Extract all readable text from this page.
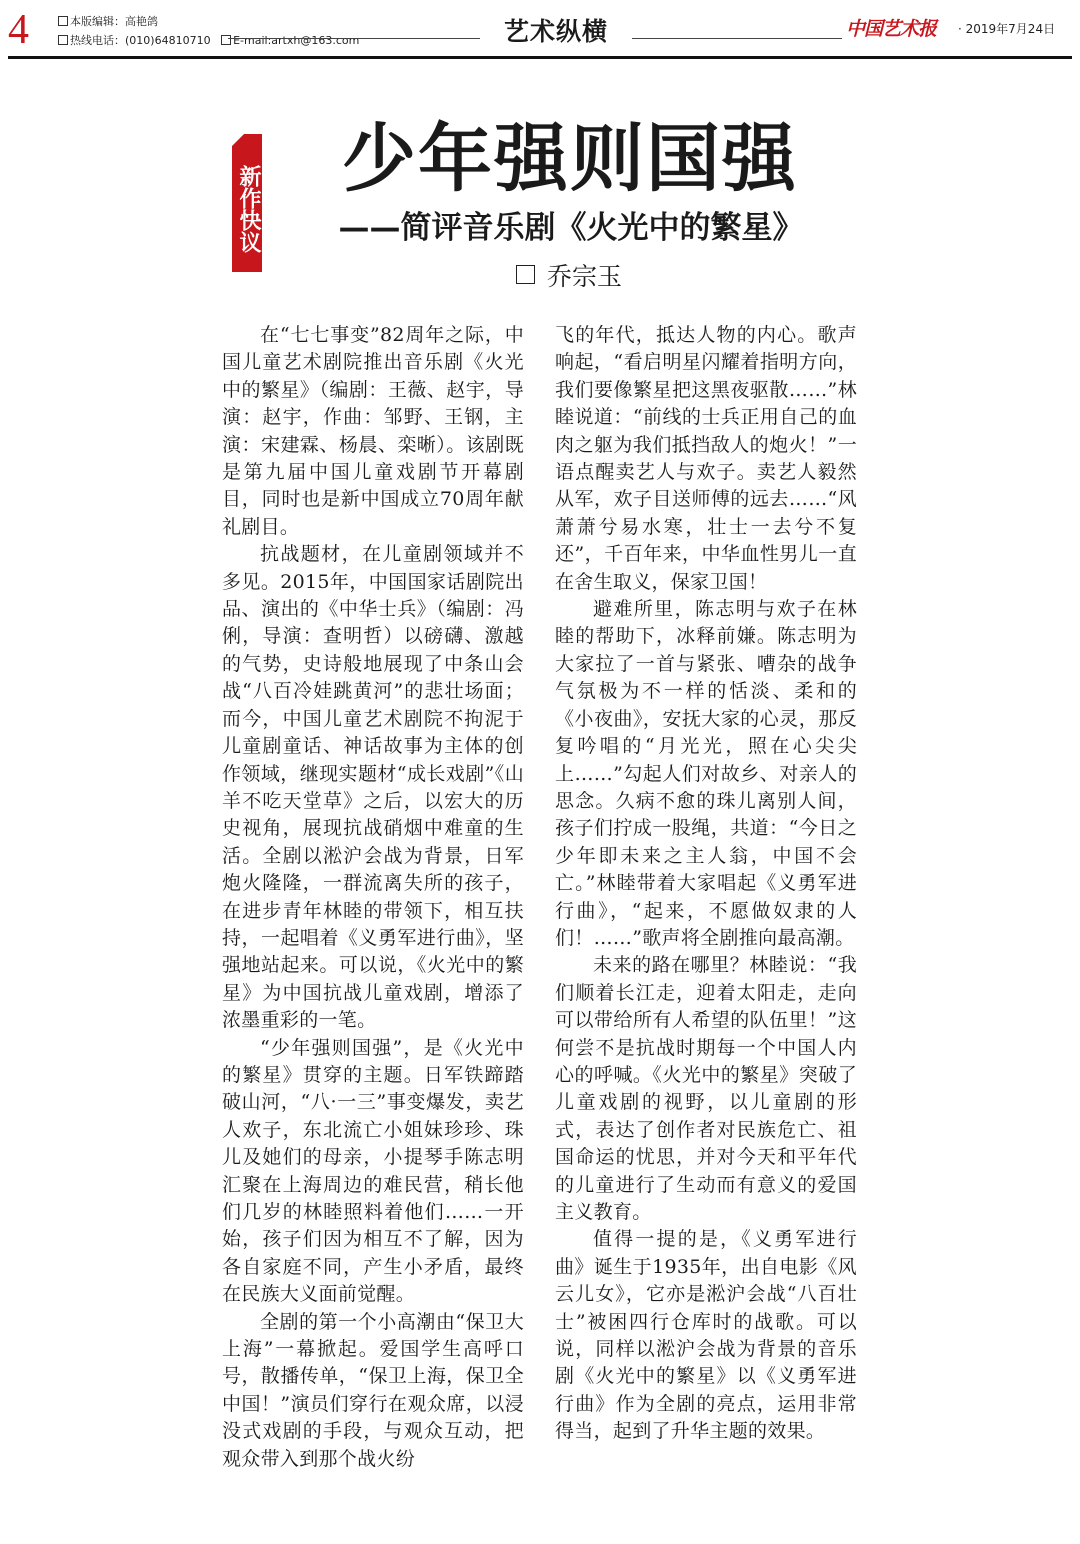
4	本版编辑：高艳鸽
热线电话：(010)64810710 E-mail:artxh@163.com	艺术纵横	中国艺术报 · 2019年7月24日
新作快议
少年强则国强
——简评音乐剧《火光中的繁星》
乔宗玉

在“七七事变”82周年之际，中国儿童艺术剧院推出音乐剧《火光中的繁星》（编剧：王薇、赵宇，导演：赵宇，作曲：邹野、王钢，主演：宋建霖、杨晨、栾晰）。该剧既是第九届中国儿童戏剧节开幕剧目，同时也是新中国成立70周年献礼剧目。

抗战题材，在儿童剧领域并不多见。2015年，中国国家话剧院出品、演出的《中华士兵》（编剧：冯俐，导演：查明哲）以磅礴、激越的气势，史诗般地展现了中条山会战“八百冷娃跳黄河”的悲壮场面；而今，中国儿童艺术剧院不拘泥于儿童剧童话、神话故事为主体的创作领域，继现实题材“成长戏剧”《山羊不吃天堂草》之后，以宏大的历史视角，展现抗战硝烟中难童的生活。全剧以淞沪会战为背景，日军炮火隆隆，一群流离失所的孩子，在进步青年林睦的带领下，相互扶持，一起唱着《义勇军进行曲》，坚强地站起来。可以说，《火光中的繁星》为中国抗战儿童戏剧，增添了浓墨重彩的一笔。

“少年强则国强”，是《火光中的繁星》贯穿的主题。日军铁蹄踏破山河，“八·一三”事变爆发，卖艺人欢子，东北流亡小姐妹珍珍、珠儿及她们的母亲，小提琴手陈志明汇聚在上海周边的难民营，稍长他们几岁的林睦照料着他们……一开始，孩子们因为相互不了解，因为各自家庭不同，产生小矛盾，最终在民族大义面前觉醒。

全剧的第一个小高潮由“保卫大上海”一幕掀起。爱国学生高呼口号，散播传单，“保卫上海，保卫全中国！”演员们穿行在观众席，以浸没式戏剧的手段，与观众互动，把观众带入到那个战火纷

飞的年代，抵达人物的内心。歌声响起，“看启明星闪耀着指明方向，我们要像繁星把这黑夜驱散……”林睦说道：“前线的士兵正用自己的血肉之躯为我们抵挡敌人的炮火！”一语点醒卖艺人与欢子。卖艺人毅然从军，欢子目送师傅的远去……“风萧萧兮易水寒，壮士一去兮不复还”，千百年来，中华血性男儿一直在舍生取义，保家卫国！

避难所里，陈志明与欢子在林睦的帮助下，冰释前嫌。陈志明为大家拉了一首与紧张、嘈杂的战争气氛极为不一样的恬淡、柔和的《小夜曲》，安抚大家的心灵，那反复吟唱的“月光光，照在心尖尖上……”勾起人们对故乡、对亲人的思念。久病不愈的珠儿离别人间，孩子们拧成一股绳，共道：“今日之少年即未来之主人翁，中国不会亡。”林睦带着大家唱起《义勇军进行曲》，“起来，不愿做奴隶的人们！……”歌声将全剧推向最高潮。

未来的路在哪里？林睦说：“我们顺着长江走，迎着太阳走，走向可以带给所有人希望的队伍里！”这何尝不是抗战时期每一个中国人内心的呼喊。《火光中的繁星》突破了儿童戏剧的视野，以儿童剧的形式，表达了创作者对民族危亡、祖国命运的忧思，并对今天和平年代的儿童进行了生动而有意义的爱国主义教育。

值得一提的是，《义勇军进行曲》诞生于1935年，出自电影《风云儿女》，它亦是淞沪会战“八百壮士”被困四行仓库时的战歌。可以说，同样以淞沪会战为背景的音乐剧《火光中的繁星》以《义勇军进行曲》作为全剧的亮点，运用非常得当，起到了升华主题的效果。
